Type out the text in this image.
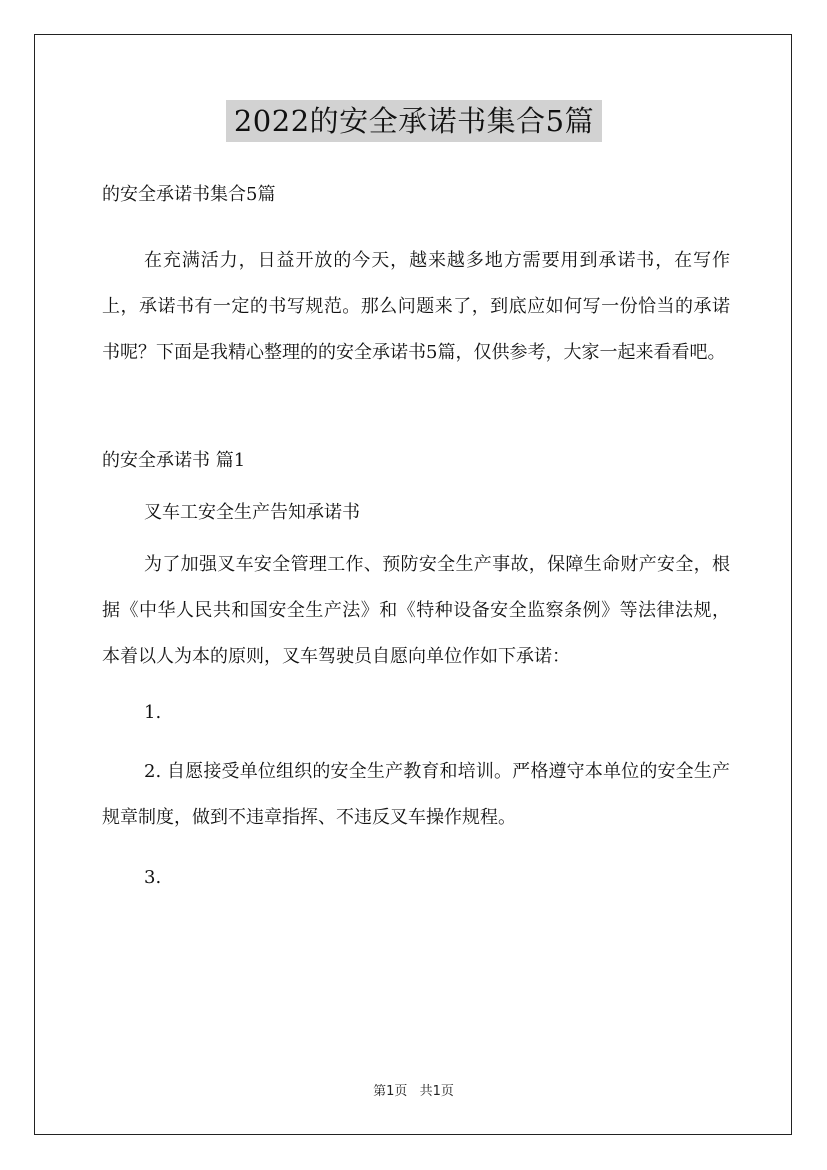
2022的安全承诺书集合5篇

的安全承诺书集合5篇

在充满活力，日益开放的今天，越来越多地方需要用到承诺书，在写作上，承诺书有一定的书写规范。那么问题来了，到底应如何写一份恰当的承诺书呢？下面是我精心整理的的安全承诺书5篇，仅供参考，大家一起来看看吧。

的安全承诺书 篇1

叉车工安全生产告知承诺书

为了加强叉车安全管理工作、预防安全生产事故，保障生命财产安全，根据《中华人民共和国安全生产法》和《特种设备安全监察条例》等法律法规，本着以人为本的原则，叉车驾驶员自愿向单位作如下承诺：

1.

2. 自愿接受单位组织的安全生产教育和培训。严格遵守本单位的安全生产规章制度，做到不违章指挥、不违反叉车操作规程。

3.

第1页 共1页
